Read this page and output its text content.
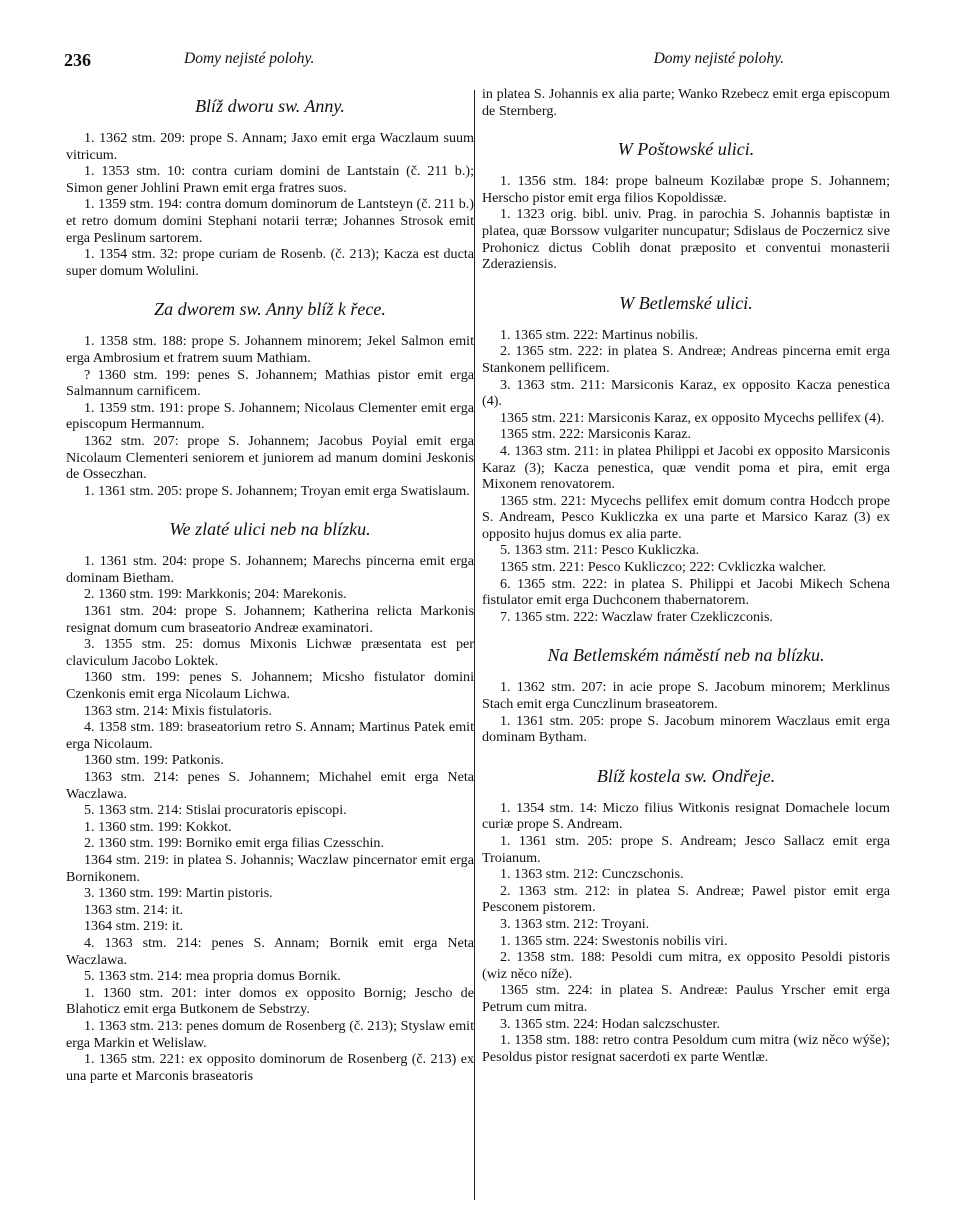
236	Domy nejisté polohy.	Domy nejisté polohy.
Blíž dworu sw. Anny.

1. 1362 stm. 209: prope S. Annam; Jaxo emit erga Waczlaum suum vitricum.

1. 1353 stm. 10: contra curiam domini de Lantstain (č. 211 b.); Simon gener Johlini Prawn emit erga fratres suos.

1. 1359 stm. 194: contra domum dominorum de Lantsteyn (č. 211 b.) et retro domum domini Stephani notarii terræ; Johannes Strosok emit erga Peslinum sartorem.

1. 1354 stm. 32: prope curiam de Rosenb. (č. 213); Kacza est ducta super domum Wolulini.

Za dworem sw. Anny blíž k řece.

1. 1358 stm. 188: prope S. Johannem minorem; Jekel Salmon emit erga Ambrosium et fratrem suum Mathiam.

? 1360 stm. 199: penes S. Johannem; Mathias pistor emit erga Salmannum carnificem.

1. 1359 stm. 191: prope S. Johannem; Nicolaus Clementer emit erga episcopum Hermannum.

1362 stm. 207: prope S. Johannem; Jacobus Poyial emit erga Nicolaum Clementeri seniorem et juniorem ad manum domini Jeskonis de Osseczhan.

1. 1361 stm. 205: prope S. Johannem; Troyan emit erga Swatislaum.

We zlaté ulici neb na blízku.

1. 1361 stm. 204: prope S. Johannem; Marechs pincerna emit erga dominam Bietham.

2. 1360 stm. 199: Markkonis; 204: Marekonis.

1361 stm. 204: prope S. Johannem; Katherina relicta Markonis resignat domum cum braseatorio Andreæ examinatori.

3. 1355 stm. 25: domus Mixonis Lichwæ præsentata est per claviculum Jacobo Loktek.

1360 stm. 199: penes S. Johannem; Micsho fistulator domini Czenkonis emit erga Nicolaum Lichwa.

1363 stm. 214: Mixis fistulatoris.

4. 1358 stm. 189: braseatorium retro S. Annam; Martinus Patek emit erga Nicolaum.

1360 stm. 199: Patkonis.

1363 stm. 214: penes S. Johannem; Michahel emit erga Neta Waczlawa.

5. 1363 stm. 214: Stislai procuratoris episcopi.

1. 1360 stm. 199: Kokkot.

2. 1360 stm. 199: Borniko emit erga filias Czesschin.

1364 stm. 219: in platea S. Johannis; Waczlaw pincernator emit erga Bornikonem.

3. 1360 stm. 199: Martin pistoris.

1363 stm. 214: it.

1364 stm. 219: it.

4. 1363 stm. 214: penes S. Annam; Bornik emit erga Neta Waczlawa.

5. 1363 stm. 214: mea propria domus Bornik.

1. 1360 stm. 201: inter domos ex opposito Bornig; Jescho de Blahoticz emit erga Butkonem de Sebstrzy.

1. 1363 stm. 213: penes domum de Rosenberg (č. 213); Styslaw emit erga Markin et Welislaw.

1. 1365 stm. 221: ex opposito dominorum de Rosenberg (č. 213) ex una parte et Marconis braseatoris

in platea S. Johannis ex alia parte; Wanko Rzebecz emit erga episcopum de Sternberg.

W Poštowské ulici.

1. 1356 stm. 184: prope balneum Kozilabæ prope S. Johannem; Herscho pistor emit erga filios Kopoldissæ.

1. 1323 orig. bibl. univ. Prag. in parochia S. Johannis baptistæ in platea, quæ Borssow vulgariter nuncupatur; Sdislaus de Poczernicz sive Prohonicz dictus Coblih donat præposito et conventui monasterii Zderaziensis.

W Betlemské ulici.

1. 1365 stm. 222: Martinus nobilis.

2. 1365 stm. 222: in platea S. Andreæ; Andreas pincerna emit erga Stankonem pellificem.

3. 1363 stm. 211: Marsiconis Karaz, ex opposito Kacza penestica (4).

1365 stm. 221: Marsiconis Karaz, ex opposito Mycechs pellifex (4).

1365 stm. 222: Marsiconis Karaz.

4. 1363 stm. 211: in platea Philippi et Jacobi ex opposito Marsiconis Karaz (3); Kacza penestica, quæ vendit poma et pira, emit erga Mixonem renovatorem.

1365 stm. 221: Mycechs pellifex emit domum contra Hodcch prope S. Andream, Pesco Kukliczka ex una parte et Marsico Karaz (3) ex opposito hujus domus ex alia parte.

5. 1363 stm. 211: Pesco Kukliczka.

1365 stm. 221: Pesco Kukliczco; 222: Cvkliczka walcher.

6. 1365 stm. 222: in platea S. Philippi et Jacobi Mikech Schena fistulator emit erga Duchconem thabernatorem.

7. 1365 stm. 222: Waczlaw frater Czekliczconis.

Na Betlemském náměstí neb na blízku.

1. 1362 stm. 207: in acie prope S. Jacobum minorem; Merklinus Stach emit erga Cunczlinum braseatorem.

1. 1361 stm. 205: prope S. Jacobum minorem Waczlaus emit erga dominam Bytham.

Blíž kostela sw. Ondřeje.

1. 1354 stm. 14: Miczo filius Witkonis resignat Domachele locum curiæ prope S. Andream.

1. 1361 stm. 205: prope S. Andream; Jesco Sallacz emit erga Troianum.

1. 1363 stm. 212: Cunczschonis.

2. 1363 stm. 212: in platea S. Andreæ; Pawel pistor emit erga Pesconem pistorem.

3. 1363 stm. 212: Troyani.

1. 1365 stm. 224: Swestonis nobilis viri.

2. 1358 stm. 188: Pesoldi cum mitra, ex opposito Pesoldi pistoris (wiz něco níže).

1365 stm. 224: in platea S. Andreæ: Paulus Yrscher emit erga Petrum cum mitra.

3. 1365 stm. 224: Hodan salczschuster.

1. 1358 stm. 188: retro contra Pesoldum cum mitra (wiz něco wýše); Pesoldus pistor resignat sacerdoti ex parte Wentlæ.
